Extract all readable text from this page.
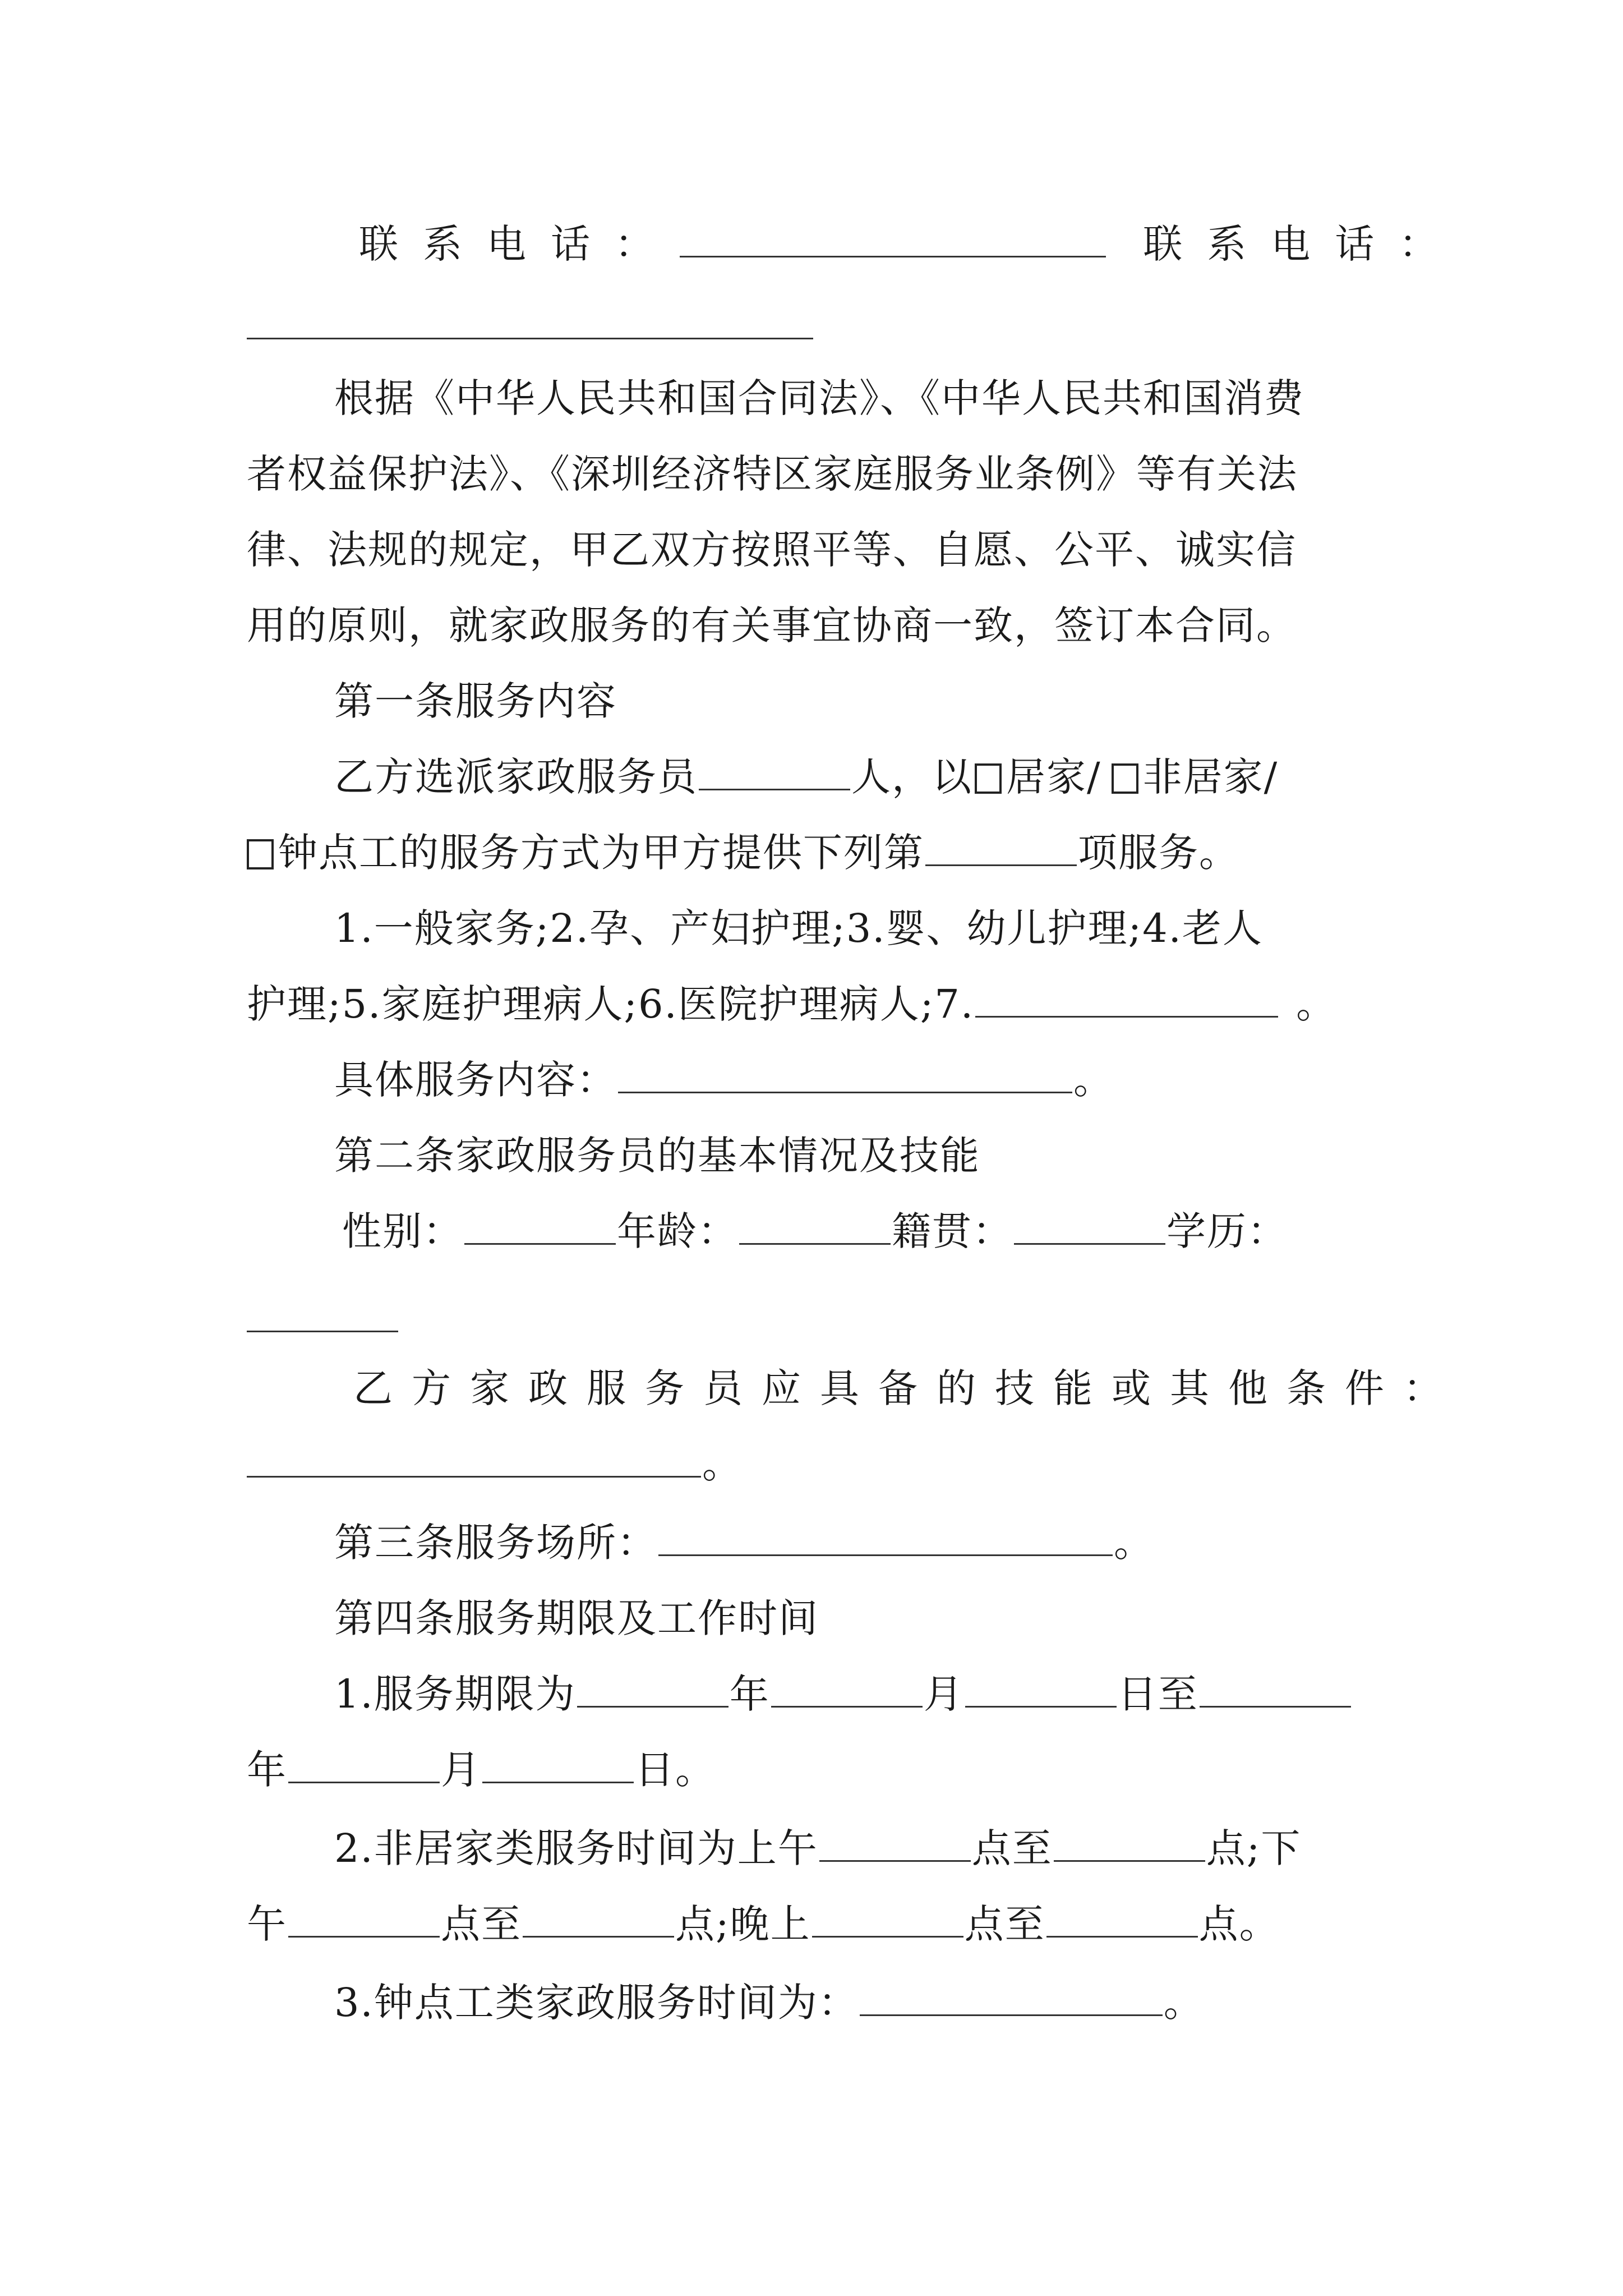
联系电话：	联系电话：
根据《中华人民共和国合同法》、《中华人民共和国消费
者权益保护法》、《深圳经济特区家庭服务业条例》等有关法
律、法规的规定，甲乙双方按照平等、自愿、公平、诚实信
用的原则，就家政服务的有关事宜协商一致，签订本合同。
第一条服务内容
乙方选派家政服务员	人，以 居家/ 非居家/
钟点工的服务方式为甲方提供下列第	项服务。
1.一般家务;2.孕、产妇护理;3.婴、幼儿护理;4.老人
护理;5.家庭护理病人;6.医院护理病人;7.	。
具体服务内容：	。
第二条家政服务员的基本情况及技能
性别：	年龄：	籍贯：	学历：
乙方家政服务员应具备的技能或其他条件：
。
第三条服务场所：	。
第四条服务期限及工作时间
1.服务期限为	年	月	日至
年	月	日。
2.非居家类服务时间为上午	点至	点;下
午	点至	点;晚上	点至	点。
3.钟点工类家政服务时间为：	。
